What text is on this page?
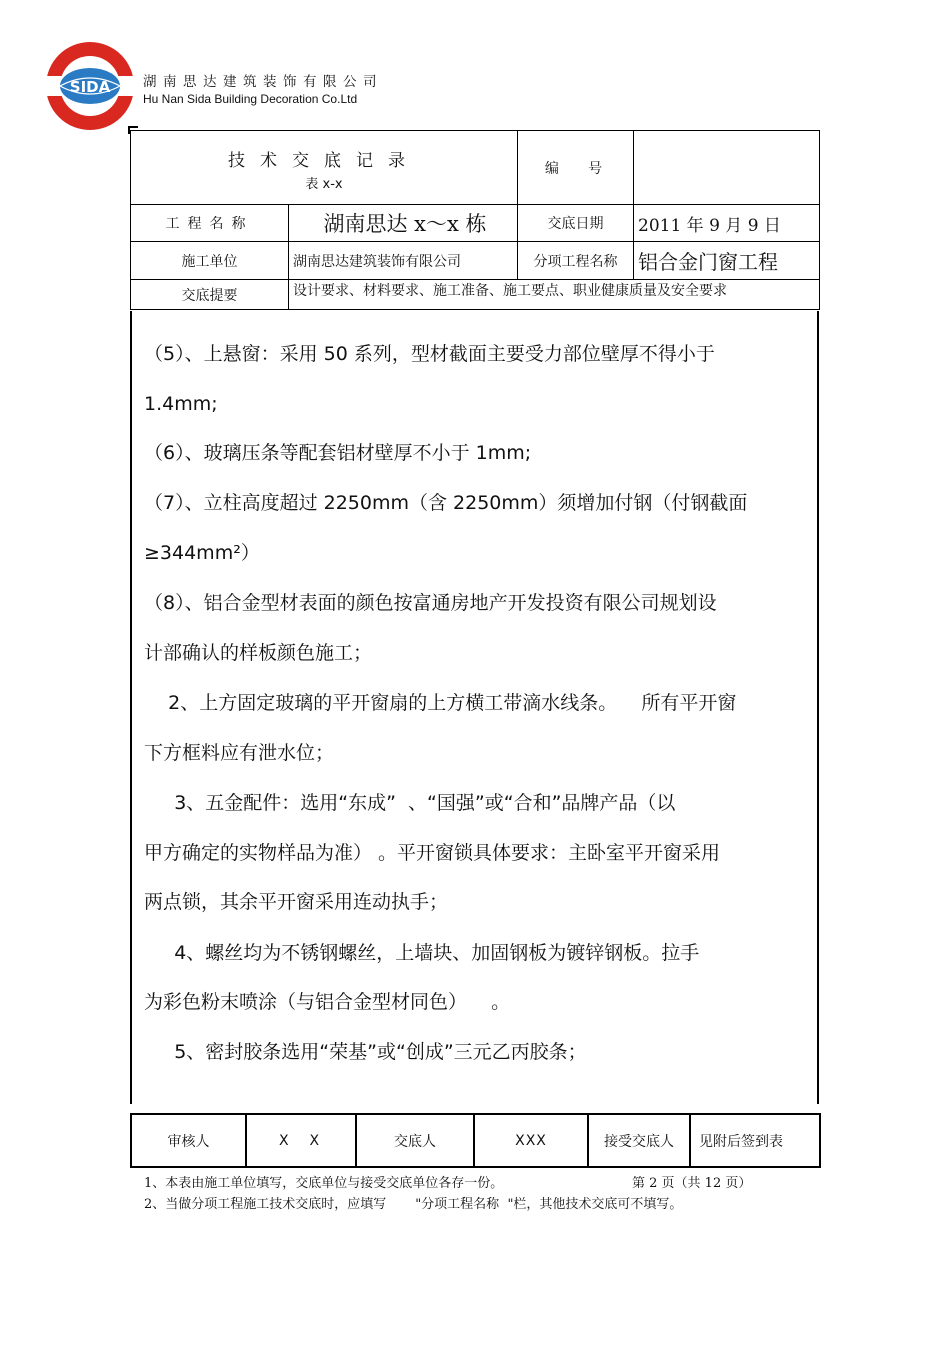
SIDA 湖南思达建筑装饰有限公司
Hu Nan Sida Building Decoration Co.Ltd
技术交底记录
表 x-x		编   号	
工程名称	湖南思达 x～x 栋	交底日期	2011 年 9 月 9 日
施工单位	湖南思达建筑装饰有限公司	分项工程名称	铝合金门窗工程
交底提要	设计要求、材料要求、施工准备、施工要点、职业健康质量及安全要求		
（5）、上悬窗：采用 50 系列，型材截面主要受力部位壁厚不得小于
1.4mm;
（6）、玻璃压条等配套铝材壁厚不小于 1mm;
（7）、立柱高度超过 2250mm（含 2250mm）须增加付钢（付钢截面
≥344mm²）
（8）、铝合金型材表面的颜色按富通房地产开发投资有限公司规划设
计部确认的样板颜色施工；
2、上方固定玻璃的平开窗扇的上方横工带滴水线条。    所有平开窗
下方框料应有泄水位；
3、五金配件：选用“东成”  、“国强”或“合和”品牌产品（以
甲方确定的实物样品为准） 。平开窗锁具体要求：主卧室平开窗采用
两点锁，其余平开窗采用连动执手；
4、螺丝均为不锈钢螺丝，上墙块、加固钢板为镀锌钢板。拉手
为彩色粉末喷涂（与铝合金型材同色）    。
5、密封胶条选用“荣基”或“创成”三元乙丙胶条；
审核人	X  X	交底人	XXX	接受交底人	见附后签到表
1、本表由施工单位填写，交底单位与接受交底单位各存一份。	第 2 页（共 12 页）
2、当做分项工程施工技术交底时，应填写       "分项工程名称  "栏，其他技术交底可不填写。
